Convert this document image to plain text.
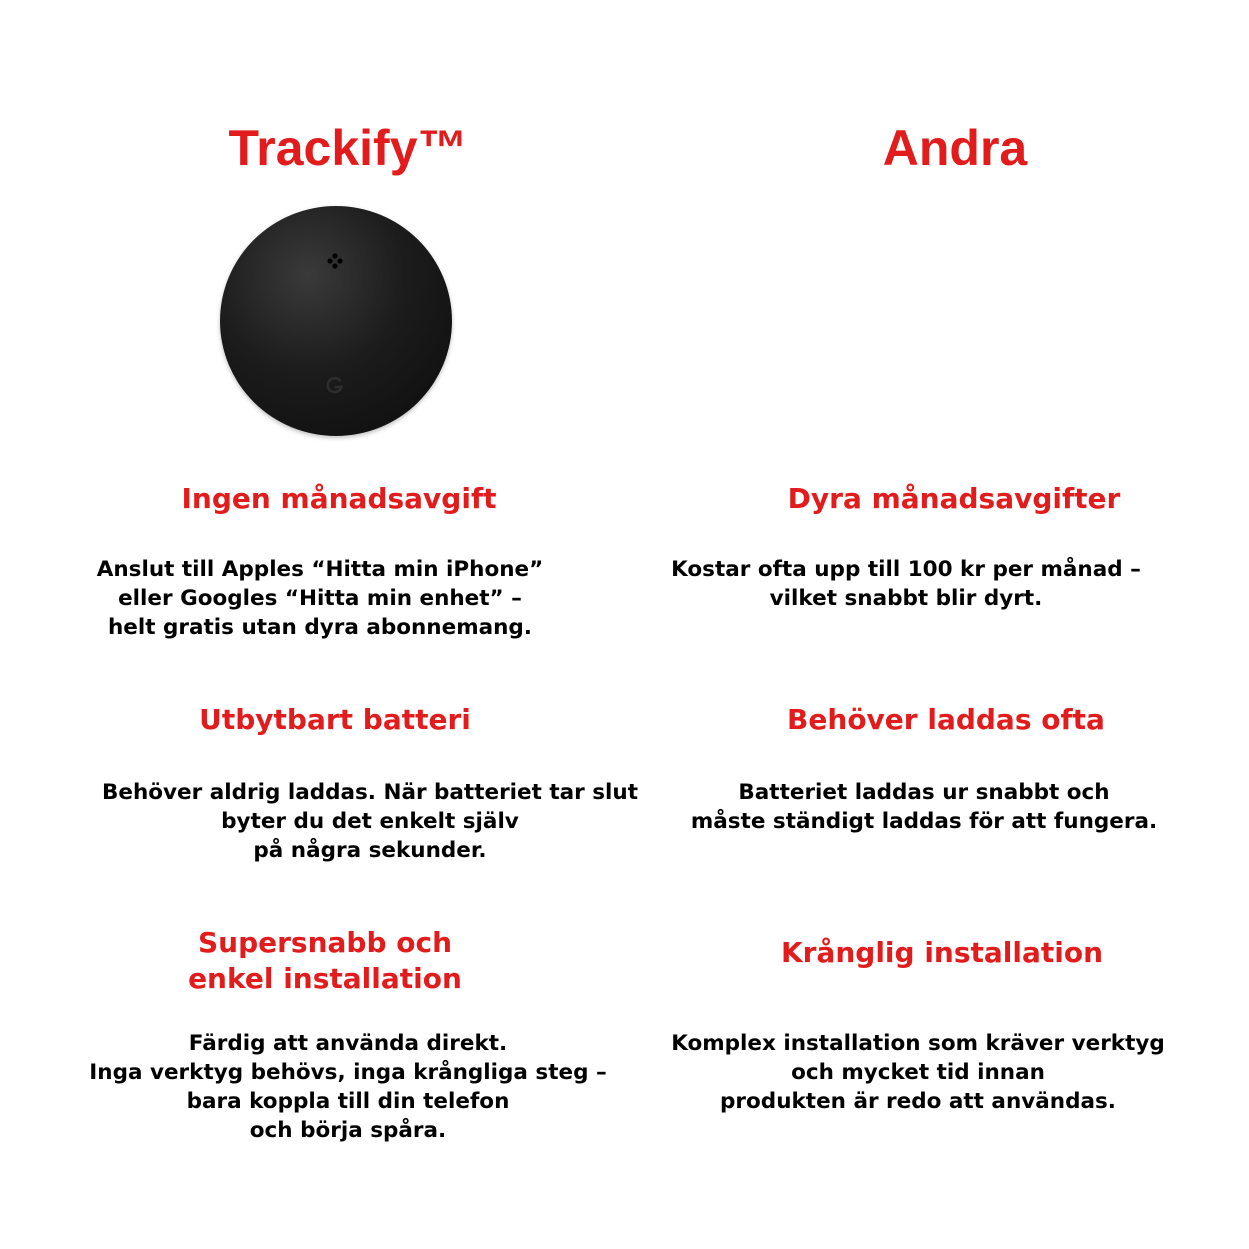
Trackify™	Andra
Ingen månadsavgift
Anslut till Apples “Hitta min iPhone”
eller Googles “Hitta min enhet” –
helt gratis utan dyra abonnemang.
Utbytbart batteri
Behöver aldrig laddas. När batteriet tar slut
byter du det enkelt själv
på några sekunder.
Supersnabb och
enkel installation
Färdig att använda direkt.
Inga verktyg behövs, inga krångliga steg –
bara koppla till din telefon
och börja spåra.
Dyra månadsavgifter
Kostar ofta upp till 100 kr per månad –
vilket snabbt blir dyrt.
Behöver laddas ofta
Batteriet laddas ur snabbt och
måste ständigt laddas för att fungera.
Krånglig installation
Komplex installation som kräver verktyg
och mycket tid innan
produkten är redo att användas.
